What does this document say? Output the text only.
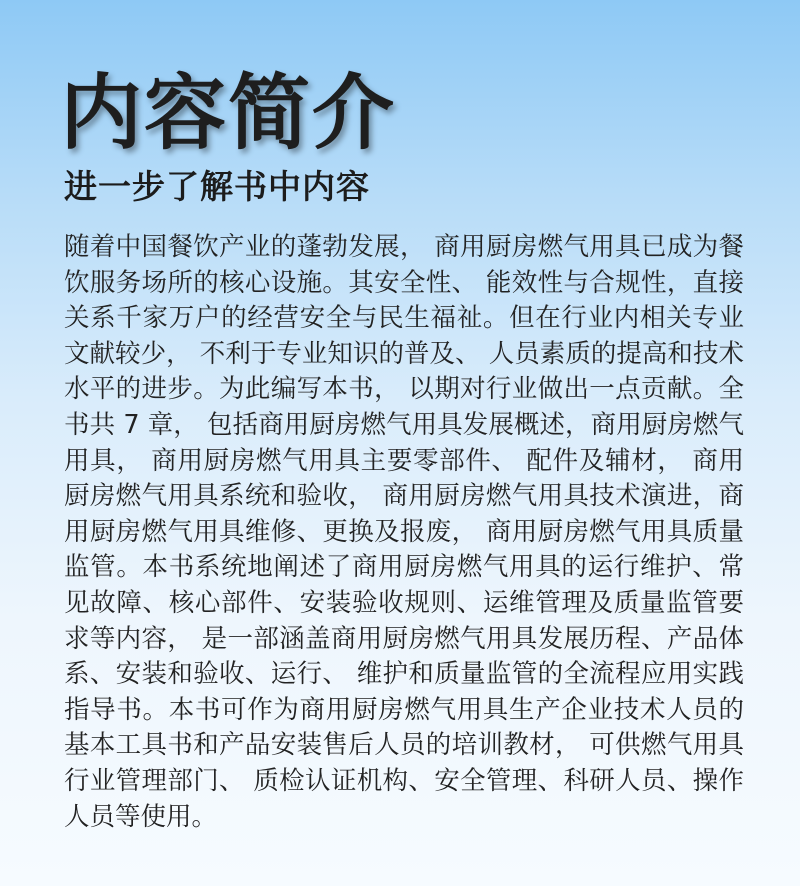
内容简介
进一步了解书中内容

随着中国餐饮产业的蓬勃发展， 商用厨房燃气用具已成为餐饮服务场所的核心设施。其安全性、 能效性与合规性，直接关系千家万户的经营安全与民生福祉。但在行业内相关专业文献较少， 不利于专业知识的普及、 人员素质的提高和技术水平的进步。为此编写本书， 以期对行业做出一点贡献。全书共 7 章， 包括商用厨房燃气用具发展概述，商用厨房燃气用具， 商用厨房燃气用具主要零部件、 配件及辅材， 商用厨房燃气用具系统和验收， 商用厨房燃气用具技术演进，商用厨房燃气用具维修、更换及报废， 商用厨房燃气用具质量监管。本书系统地阐述了商用厨房燃气用具的运行维护、常见故障、核心部件、安装验收规则、运维管理及质量监管要求等内容， 是一部涵盖商用厨房燃气用具发展历程、产品体系、安装和验收、运行、 维护和质量监管的全流程应用实践指导书。本书可作为商用厨房燃气用具生产企业技术人员的基本工具书和产品安装售后人员的培训教材， 可供燃气用具行业管理部门、 质检认证机构、安全管理、科研人员、操作人员等使用。
